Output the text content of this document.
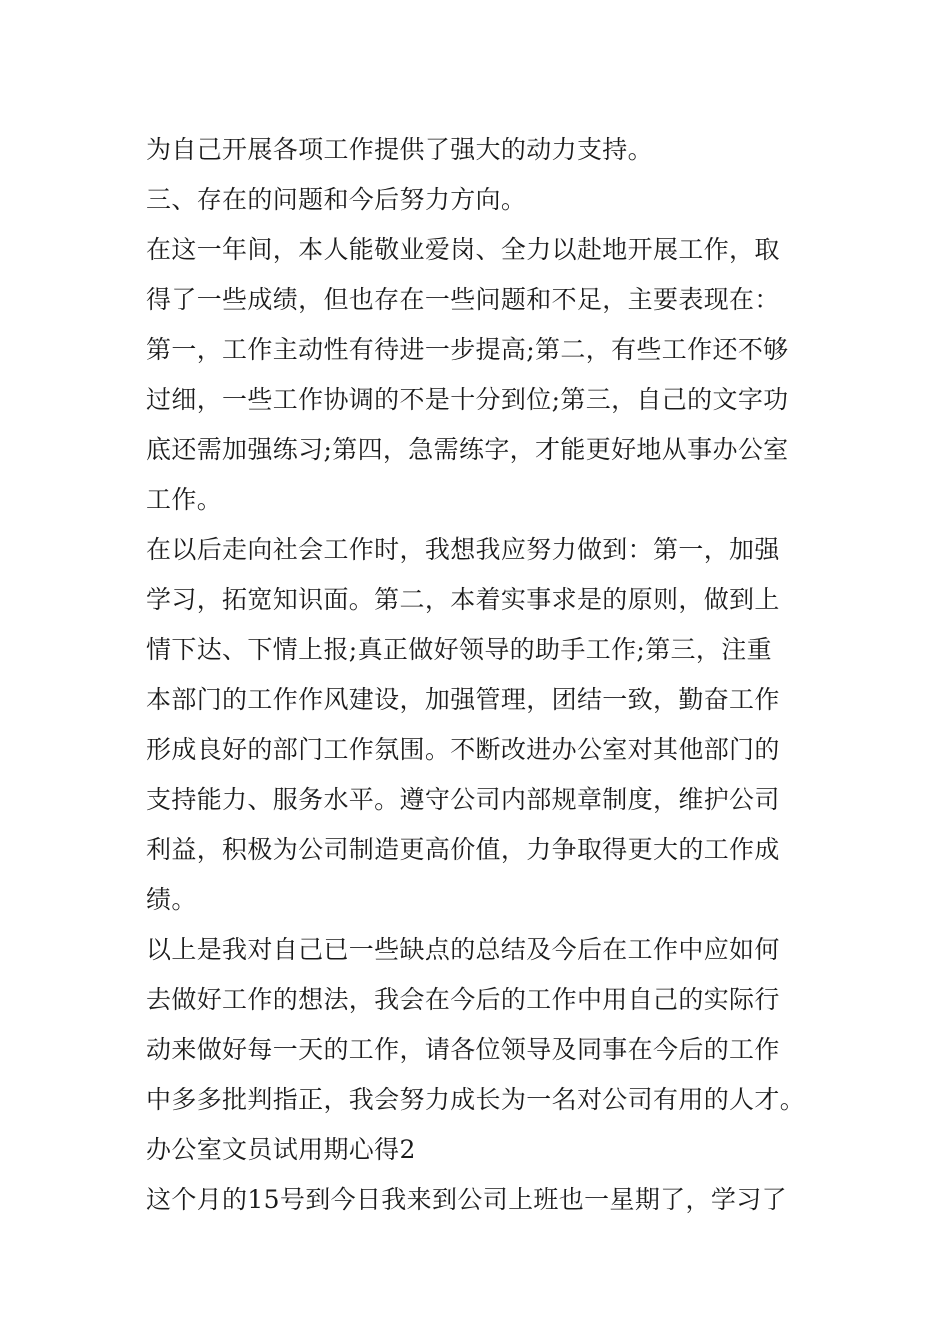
为自己开展各项工作提供了强大的动力支持。
三、存在的问题和今后努力方向。
在这一年间，本人能敬业爱岗、全力以赴地开展工作，取
得了一些成绩，但也存在一些问题和不足，主要表现在：
第一，工作主动性有待进一步提高;第二，有些工作还不够
过细，一些工作协调的不是十分到位;第三，自己的文字功
底还需加强练习;第四，急需练字，才能更好地从事办公室
工作。
在以后走向社会工作时，我想我应努力做到：第一，加强
学习，拓宽知识面。第二，本着实事求是的原则，做到上
情下达、下情上报;真正做好领导的助手工作;第三，注重
本部门的工作作风建设，加强管理，团结一致，勤奋工作
形成良好的部门工作氛围。不断改进办公室对其他部门的
支持能力、服务水平。遵守公司内部规章制度，维护公司
利益，积极为公司制造更高价值，力争取得更大的工作成
绩。
以上是我对自己已一些缺点的总结及今后在工作中应如何
去做好工作的想法，我会在今后的工作中用自己的实际行
动来做好每一天的工作，请各位领导及同事在今后的工作
中多多批判指正，我会努力成长为一名对公司有用的人才。
办公室文员试用期心得2
这个月的15号到今日我来到公司上班也一星期了，学习了
